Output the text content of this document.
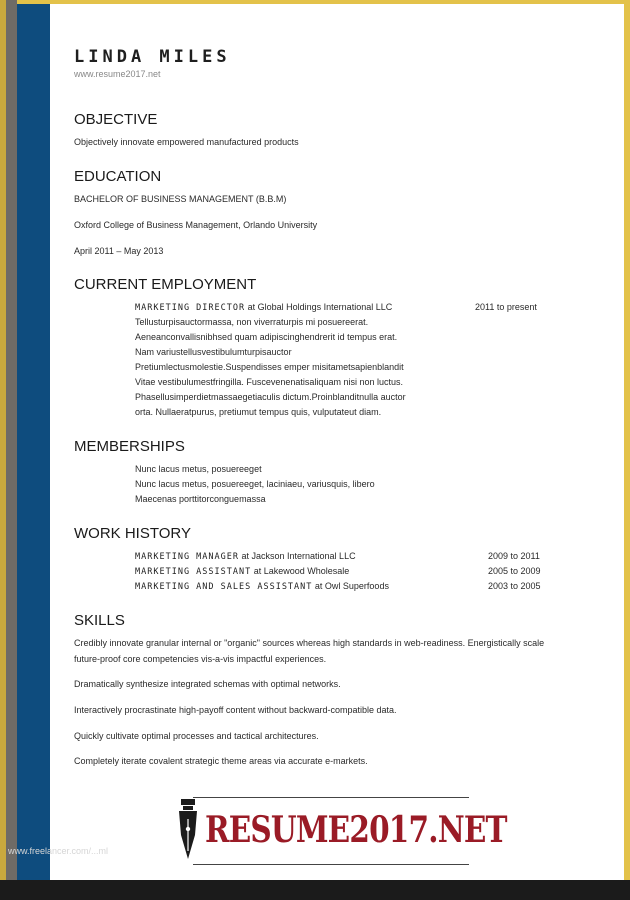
LINDA MILES
www.resume2017.net
OBJECTIVE
Objectively innovate empowered manufactured products
EDUCATION
BACHELOR OF BUSINESS MANAGEMENT (B.B.M)
Oxford College of Business Management, Orlando University
April 2011 – May 2013
CURRENT EMPLOYMENT
MARKETING DIRECTOR at Global Holdings International LLC	2011 to present
Tellusturpisauctormassa, non viverraturpis mi posuereerat.
Aeneanconvallisnibhsed quam adipiscinghendrerit id tempus erat.
Nam variustellusvestibulumturpisauctor
Pretiumlectusmolestie.Suspendisses emper misitametsapienblandit
Vitae vestibulumestfringilla. Fuscevenenatisaliquam nisi non luctus.
Phasellusimperdietmassaegetiaculis dictum.Proinblanditnulla auctor
orta. Nullaeratpurus, pretiumut tempus quis, vulputateut diam.
MEMBERSHIPS
Nunc lacus metus, posuereeget
Nunc lacus metus, posuereeget, laciniaeu, variusquis, libero
Maecenas porttitorconguemassa
WORK HISTORY
MARKETING MANAGER at Jackson International LLC	2009 to 2011
MARKETING ASSISTANT at Lakewood Wholesale	2005 to 2009
MARKETING AND SALES ASSISTANT at Owl Superfoods	2003 to 2005
SKILLS
Credibly innovate granular internal or "organic" sources whereas high standards in web-readiness. Energistically scale
future-proof core competencies vis-a-vis impactful experiences.
Dramatically synthesize integrated schemas with optimal networks.
Interactively procrastinate high-payoff content without backward-compatible data.
Quickly cultivate optimal processes and tactical architectures.
Completely iterate covalent strategic theme areas via accurate e-markets.
www.freelancer.com/...ml	RESUME2017.NET
